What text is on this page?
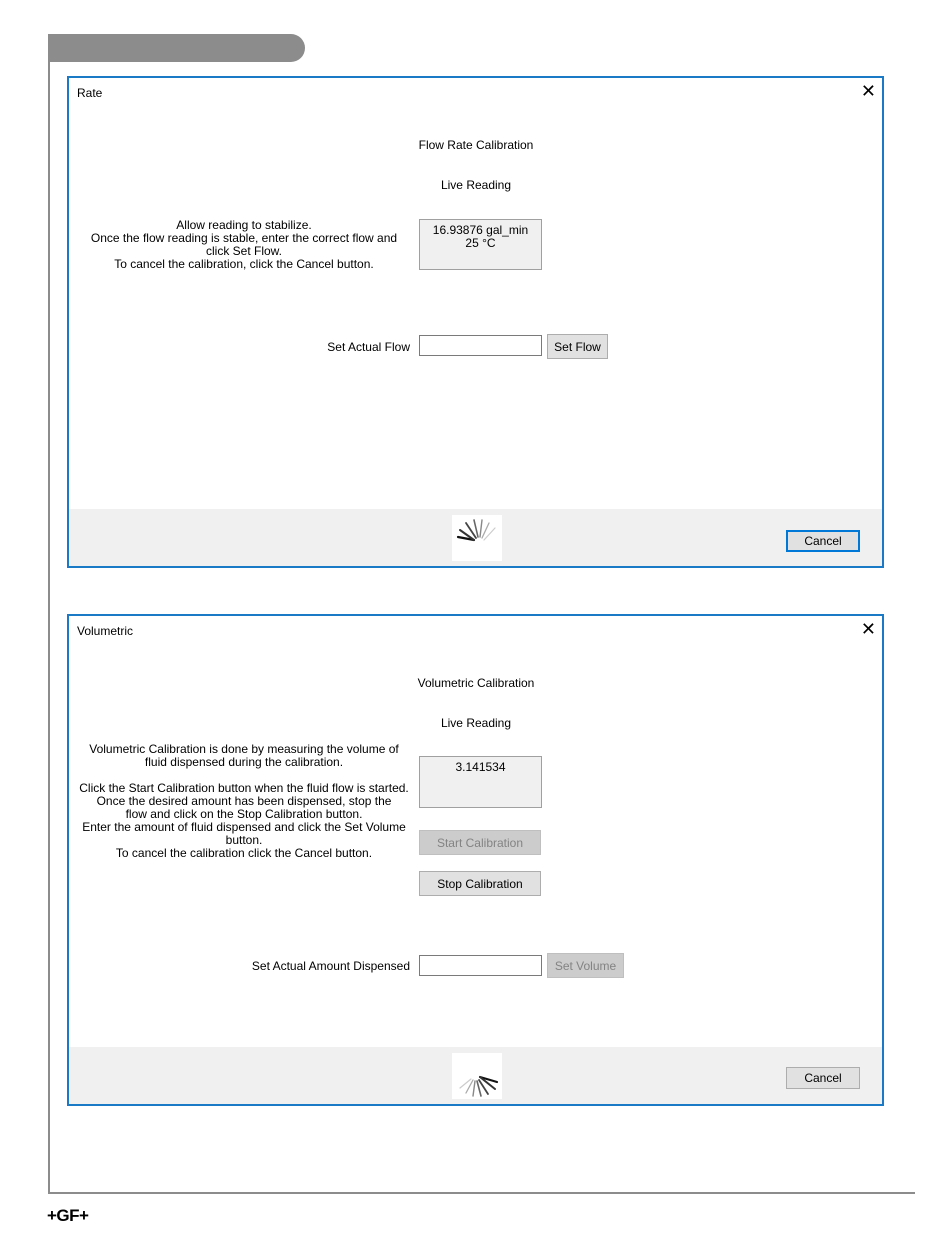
+GF+
Rate	✕
Flow Rate Calibration
Live Reading

Allow reading to stabilize.

Once the flow reading is stable, enter the correct flow and click Set Flow.

To cancel the calibration, click the Cancel button.

16.93876 gal_min
25 °C
Set Actual Flow	Set Flow
Cancel
Volumetric	✕
Volumetric Calibration
Live Reading

Volumetric Calibration is done by measuring the volume of fluid dispensed during the calibration.

Click the Start Calibration button when the fluid flow is started.

Once the desired amount has been dispensed, stop the flow and click on the Stop Calibration button.

Enter the amount of fluid dispensed and click the Set Volume button.

To cancel the calibration click the Cancel button.

3.141534
Start Calibration
Stop Calibration
Set Actual Amount Dispensed	Set Volume
Cancel
